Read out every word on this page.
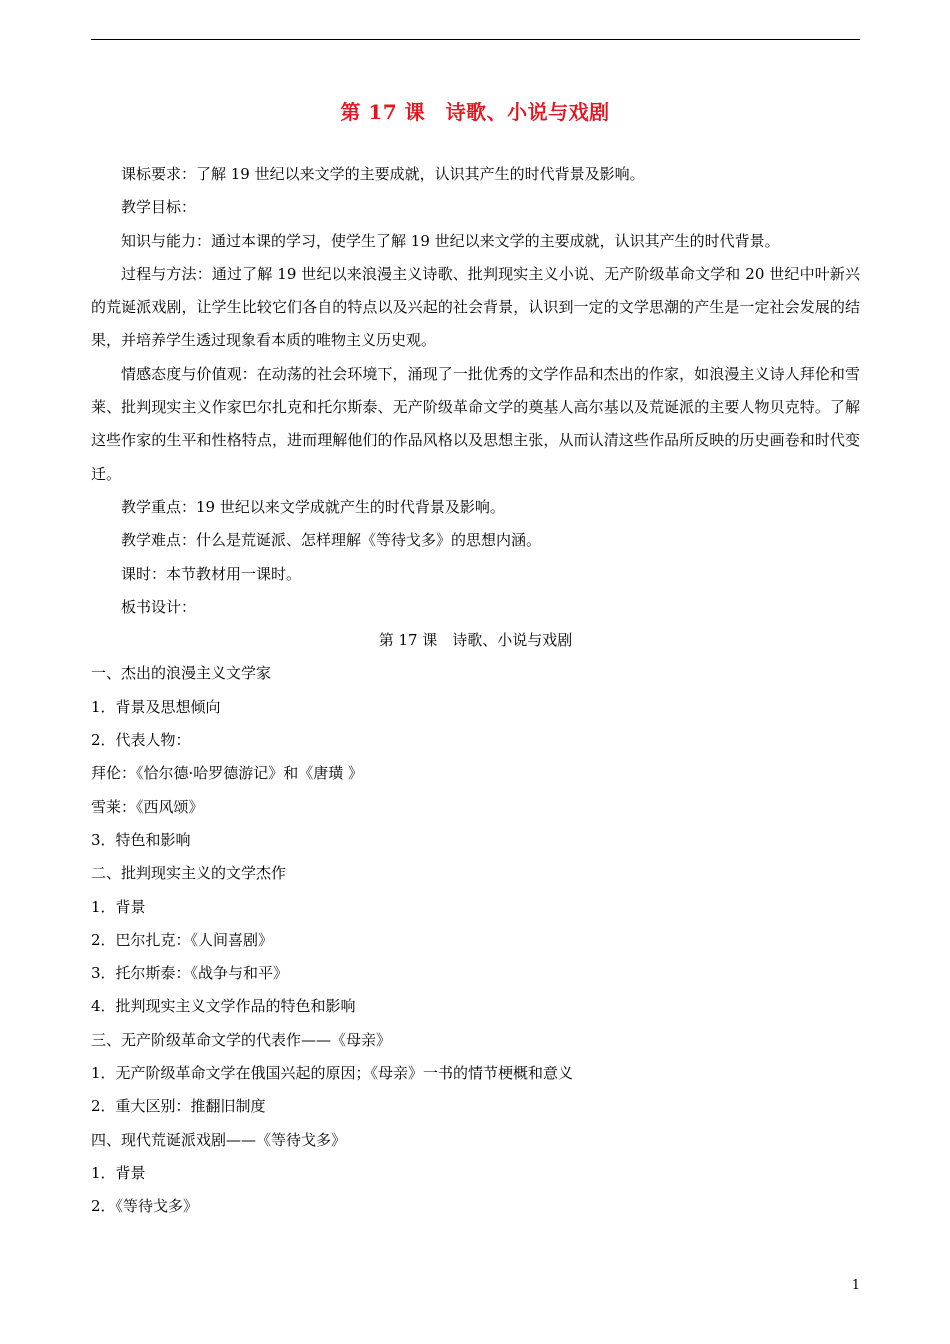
第 17 课　诗歌、小说与戏剧

课标要求：了解 19 世纪以来文学的主要成就，认识其产生的时代背景及影响。

教学目标：

知识与能力：通过本课的学习，使学生了解 19 世纪以来文学的主要成就，认识其产生的时代背景。

过程与方法：通过了解 19 世纪以来浪漫主义诗歌、批判现实主义小说、无产阶级革命文学和 20 世纪中叶新兴的荒诞派戏剧，让学生比较它们各自的特点以及兴起的社会背景，认识到一定的文学思潮的产生是一定社会发展的结果，并培养学生透过现象看本质的唯物主义历史观。

情感态度与价值观：在动荡的社会环境下，涌现了一批优秀的文学作品和杰出的作家，如浪漫主义诗人拜伦和雪莱、批判现实主义作家巴尔扎克和托尔斯泰、无产阶级革命文学的奠基人高尔基以及荒诞派的主要人物贝克特。了解这些作家的生平和性格特点，进而理解他们的作品风格以及思想主张，从而认清这些作品所反映的历史画卷和时代变迁。

教学重点：19 世纪以来文学成就产生的时代背景及影响。

教学难点：什么是荒诞派、怎样理解《等待戈多》的思想内涵。

课时：本节教材用一课时。

板书设计：

第 17 课　诗歌、小说与戏剧

一、杰出的浪漫主义文学家

1．背景及思想倾向

2．代表人物：

拜伦：《恰尔德·哈罗德游记》和《唐璜 》

雪莱：《西风颂》

3．特色和影响

二、批判现实主义的文学杰作

1．背景

2．巴尔扎克：《人间喜剧》

3．托尔斯泰：《战争与和平》

4．批判现实主义文学作品的特色和影响

三、无产阶级革命文学的代表作——《母亲》

1．无产阶级革命文学在俄国兴起的原因；《母亲》一书的情节梗概和意义

2．重大区别：推翻旧制度

四、现代荒诞派戏剧——《等待戈多》

1．背景

2．《等待戈多》

1
